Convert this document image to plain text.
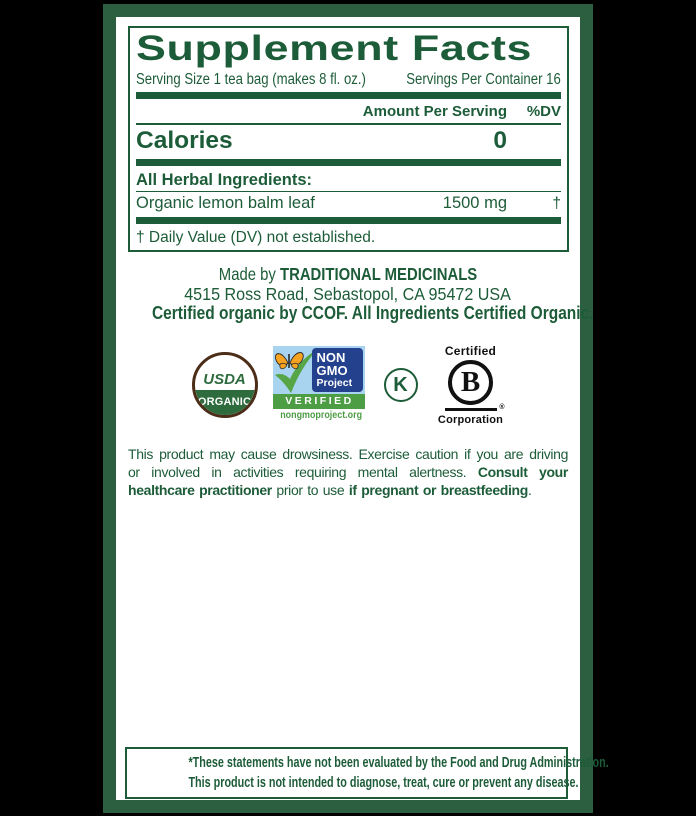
Supplement Facts
Serving Size 1 tea bag (makes 8 fl. oz.)	Servings Per Container 16
Amount Per Serving	%DV
Calories	0
All Herbal Ingredients:
Organic lemon balm leaf	1500 mg	†
† Daily Value (DV) not established.
Made by TRADITIONAL MEDICINALS
4515 Ross Road, Sebastopol, CA 95472 USA
Certified organic by CCOF. All Ingredients Certified Organic.
USDA
ORGANIC
NON
GMO
Project
VERIFIED
nongmoproject.org
K
Certified
B
®
Corporation

This product may cause drowsiness. Exercise caution if you are driving or involved in activities requiring mental alertness. Consult your healthcare practitioner prior to use if pregnant or breastfeeding.

*These statements have not been evaluated by the Food and Drug Administration.
This product is not intended to diagnose, treat, cure or prevent any disease.
